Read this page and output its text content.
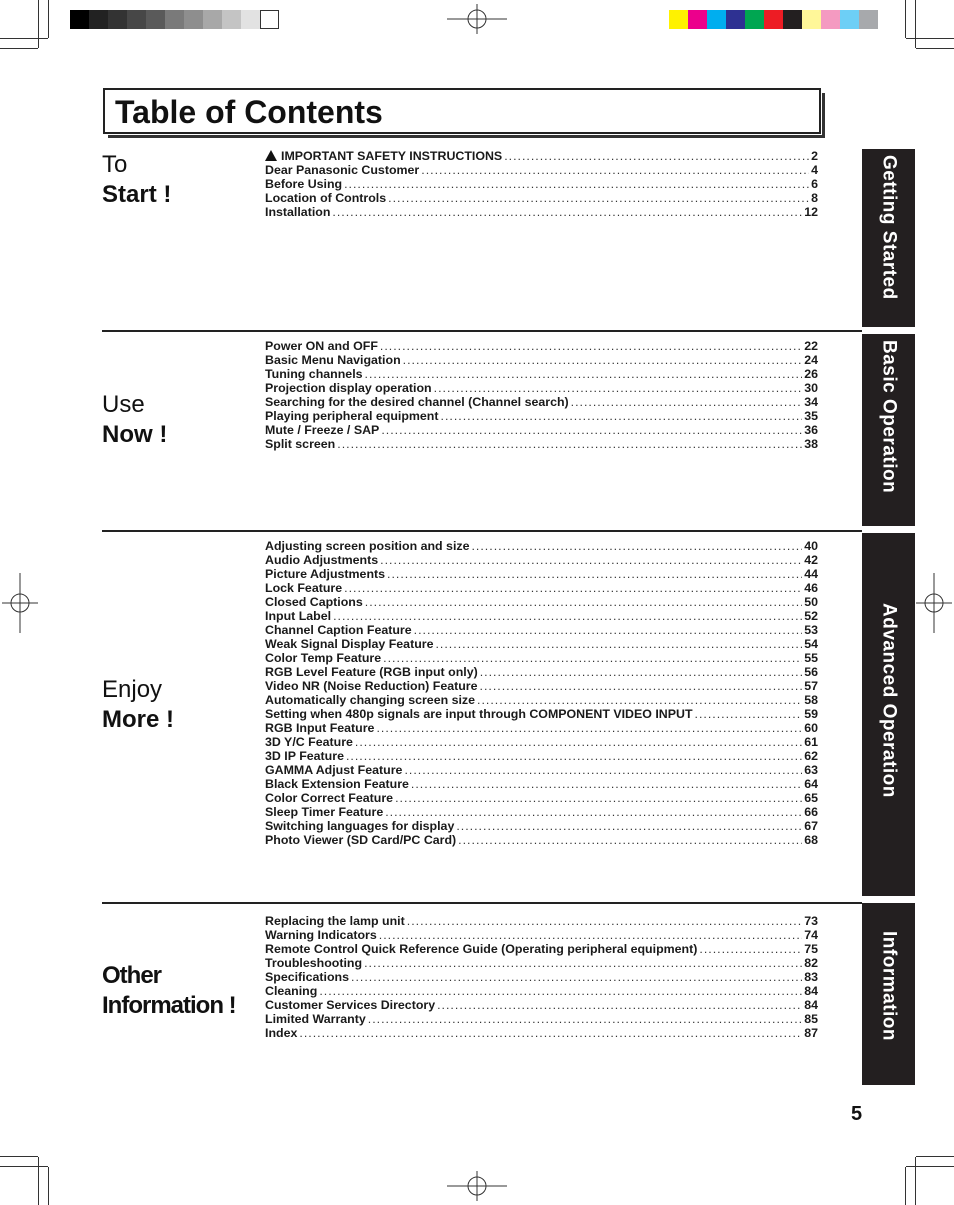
Table of Contents
To
Start !
Use
Now !
Enjoy
More !
Other
Information !
IMPORTANT SAFETY INSTRUCTIONS .....	2
Dear Panasonic Customer .....	4
Before Using .....	6
Location of Controls .....	8
Installation .....	12
Power ON and OFF .....	22
Basic Menu Navigation .....	24
Tuning channels .....	26
Projection display operation .....	30
Searching for the desired channel (Channel search) .....	34
Playing peripheral equipment .....	35
Mute / Freeze / SAP .....	36
Split screen .....	38
Adjusting screen position and size .....	40
Audio Adjustments .....	42
Picture Adjustments .....	44
Lock Feature .....	46
Closed Captions .....	50
Input Label .....	52
Channel Caption Feature .....	53
Weak Signal Display Feature .....	54
Color Temp Feature .....	55
RGB Level Feature (RGB input only) .....	56
Video NR (Noise Reduction) Feature .....	57
Automatically changing screen size .....	58
Setting when 480p signals are input through COMPONENT VIDEO INPUT .....	59
RGB Input Feature .....	60
3D Y/C Feature .....	61
3D IP Feature .....	62
GAMMA Adjust Feature .....	63
Black Extension Feature .....	64
Color Correct Feature .....	65
Sleep Timer Feature .....	66
Switching languages for display .....	67
Photo Viewer (SD Card/PC Card) .....	68
Replacing the lamp unit .....	73
Warning Indicators .....	74
Remote Control Quick Reference Guide (Operating peripheral equipment) .....	75
Troubleshooting .....	82
Specifications .....	83
Cleaning .....	84
Customer Services Directory .....	84
Limited Warranty .....	85
Index .....	87
Getting Started
Basic Operation
Advanced Operation
Information
5
